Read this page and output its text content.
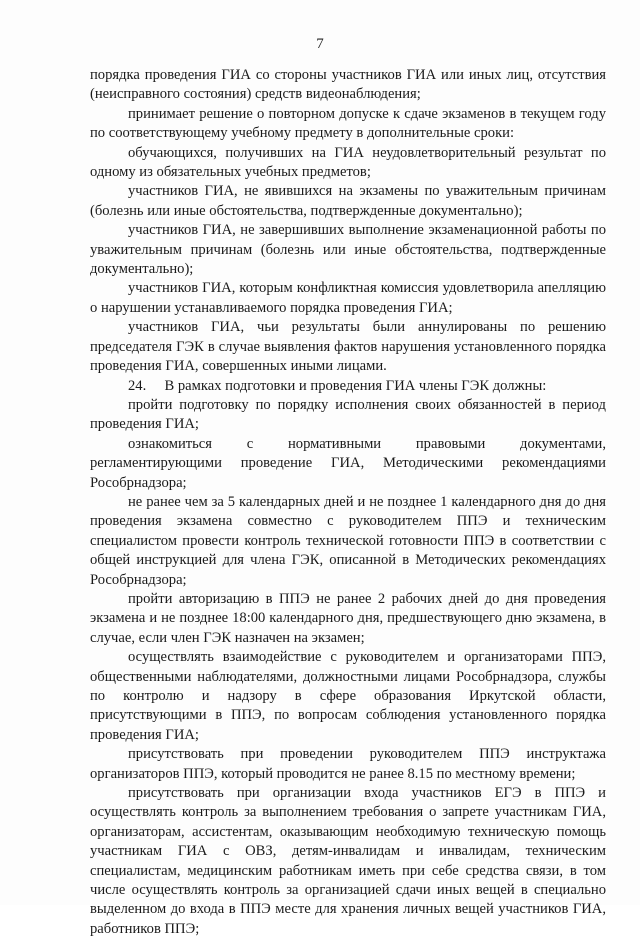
7

порядка проведения ГИА со стороны участников ГИА или иных лиц, отсутствия (неисправного состояния) средств видеонаблюдения;

принимает решение о повторном допуске к сдаче экзаменов в текущем году по соответствующему учебному предмету в дополнительные сроки:

обучающихся, получивших на ГИА неудовлетворительный результат по одному из обязательных учебных предметов;

участников ГИА, не явившихся на экзамены по уважительным причинам (болезнь или иные обстоятельства, подтвержденные документально);

участников ГИА, не завершивших выполнение экзаменационной работы по уважительным причинам (болезнь или иные обстоятельства, подтвержденные документально);

участников ГИА, которым конфликтная комиссия удовлетворила апелляцию о нарушении устанавливаемого порядка проведения ГИА;

участников ГИА, чьи результаты были аннулированы по решению председателя ГЭК в случае выявления фактов нарушения установленного порядка проведения ГИА, совершенных иными лицами.

24.     В рамках подготовки и проведения ГИА члены ГЭК должны:

пройти подготовку по порядку исполнения своих обязанностей в период проведения ГИА;

ознакомиться с нормативными правовыми документами, регламентирующими проведение ГИА, Методическими рекомендациями Рособрнадзора;

не ранее чем за 5 календарных дней и не позднее 1 календарного дня до дня проведения экзамена совместно с руководителем ППЭ и техническим специалистом провести контроль технической готовности ППЭ в соответствии с общей инструкцией для члена ГЭК, описанной в Методических рекомендациях Рособрнадзора;

пройти авторизацию в ППЭ не ранее 2 рабочих дней до дня проведения экзамена и не позднее 18:00 календарного дня, предшествующего дню экзамена, в случае, если член ГЭК назначен на экзамен;

осуществлять взаимодействие с руководителем и организаторами ППЭ, общественными наблюдателями, должностными лицами Рособрнадзора, службы по контролю и надзору в сфере образования Иркутской области, присутствующими в ППЭ, по вопросам соблюдения установленного порядка проведения ГИА;

присутствовать при проведении руководителем ППЭ инструктажа организаторов ППЭ, который проводится не ранее 8.15 по местному времени;

присутствовать при организации входа участников ЕГЭ в ППЭ и осуществлять контроль за выполнением требования о запрете участникам ГИА, организаторам, ассистентам, оказывающим необходимую техническую помощь участникам ГИА с ОВЗ, детям-инвалидам и инвалидам, техническим специалистам, медицинским работникам иметь при себе средства связи, в том числе осуществлять контроль за организацией сдачи иных вещей в специально выделенном до входа в ППЭ месте для хранения личных вещей участников ГИА, работников ППЭ;
